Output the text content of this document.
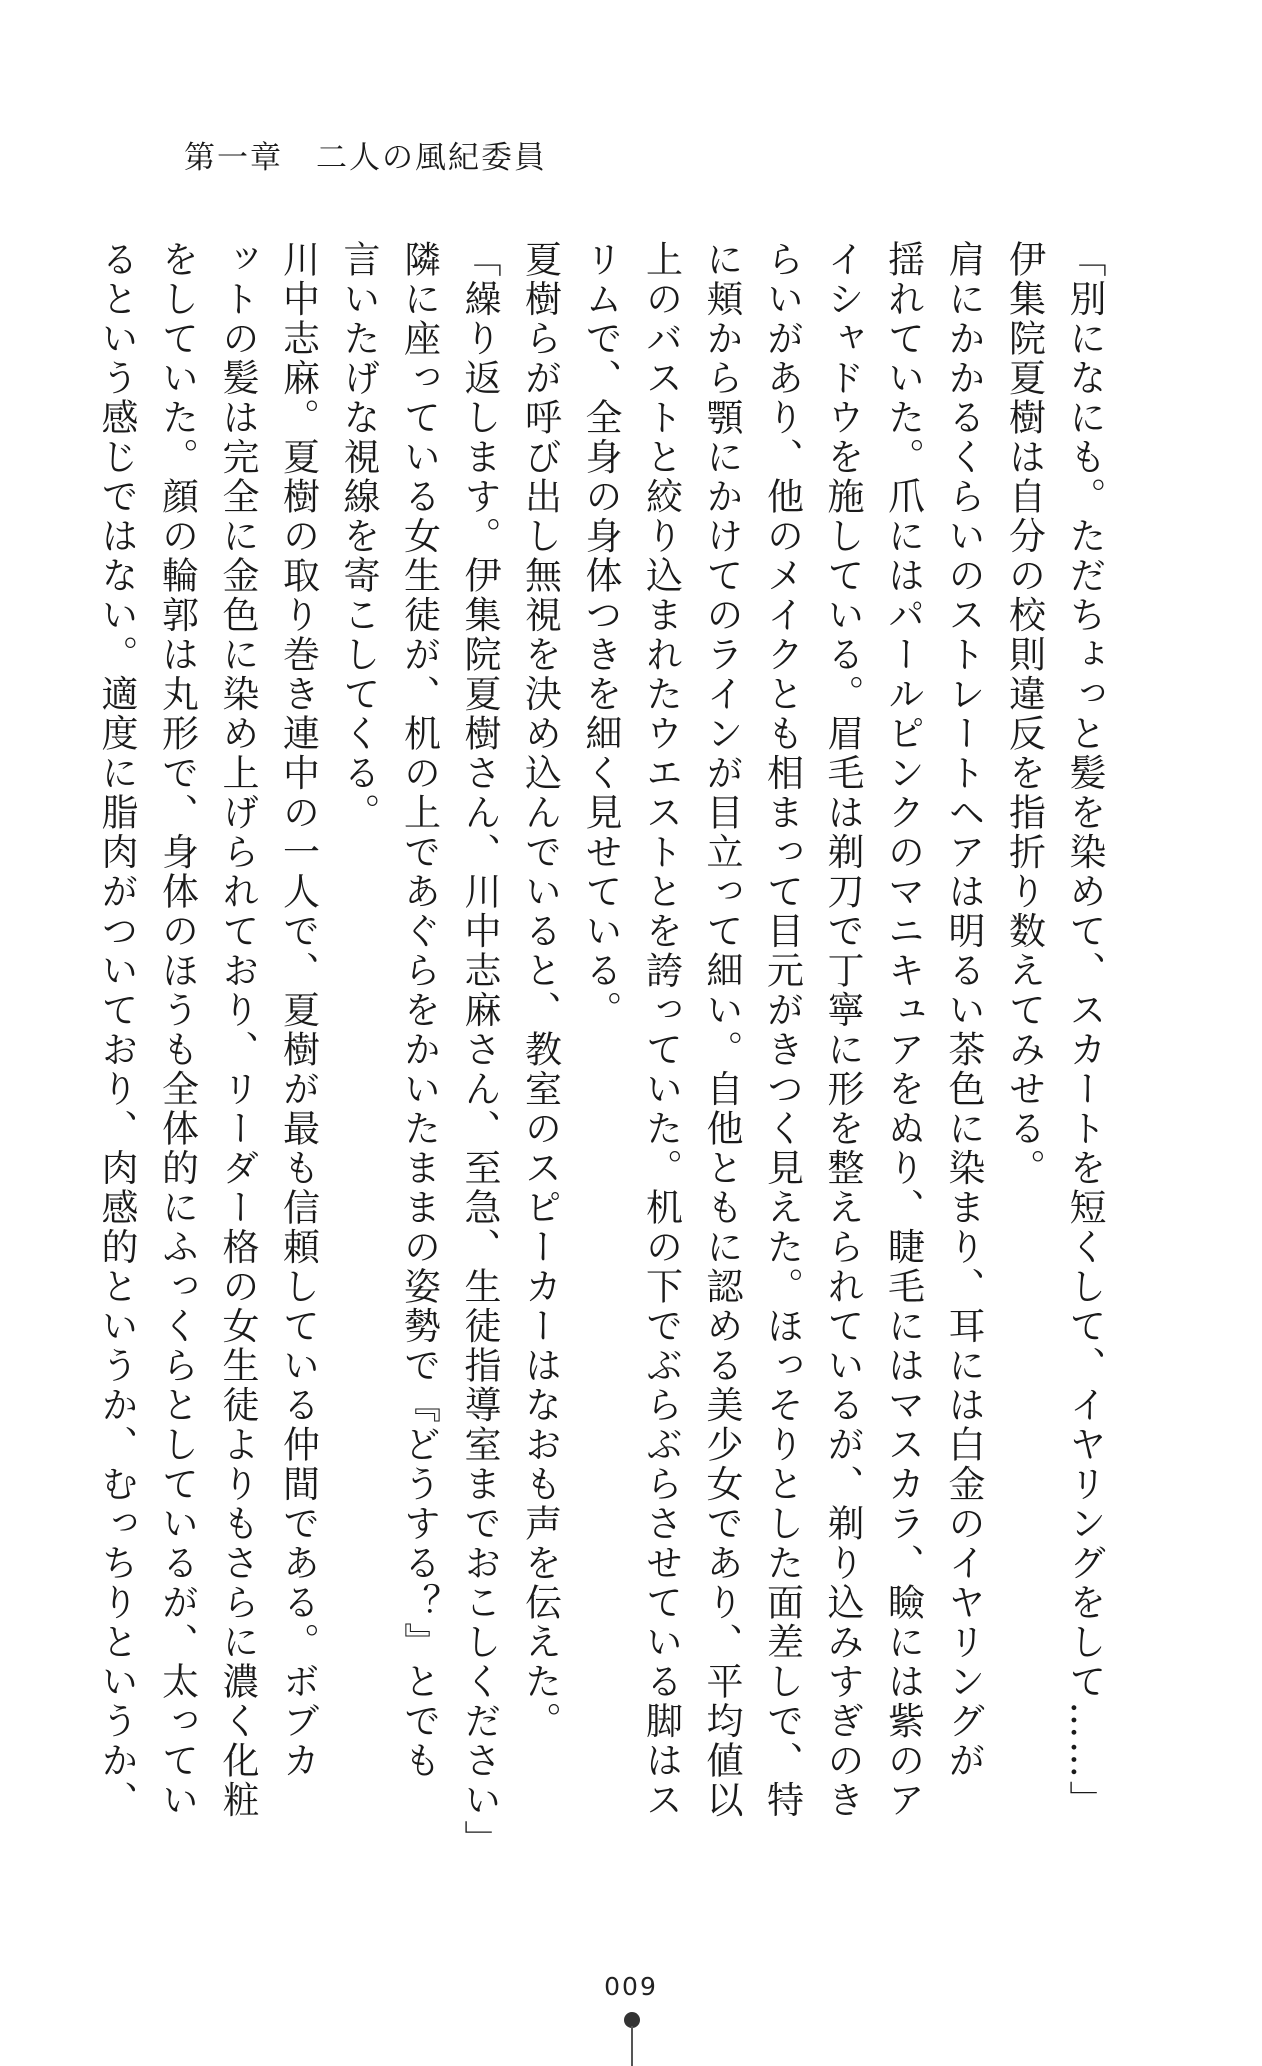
第一章　二人の風紀委員

「別になにも。ただちょっと髪を染めて、スカートを短くして、イヤリングをして……」

伊集院夏樹は自分の校則違反を指折り数えてみせる。

肩にかかるくらいのストレートヘアは明るい茶色に染まり、耳には白金のイヤリングが

揺れていた。爪にはパールピンクのマニキュアをぬり、睫毛にはマスカラ、瞼には紫のア

イシャドウを施している。眉毛は剃刀で丁寧に形を整えられているが、剃り込みすぎのき

らいがあり、他のメイクとも相まって目元がきつく見えた。ほっそりとした面差しで、特

に頬から顎にかけてのラインが目立って細い。自他ともに認める美少女であり、平均値以

上のバストと絞り込まれたウエストとを誇っていた。机の下でぶらぶらさせている脚はス

リムで、全身の身体つきを細く見せている。

夏樹らが呼び出し無視を決め込んでいると、教室のスピーカーはなおも声を伝えた。

「繰り返します。伊集院夏樹さん、川中志麻さん、至急、生徒指導室までおこしください」

隣に座っている女生徒が、机の上であぐらをかいたままの姿勢で『どうする？』とでも

言いたげな視線を寄こしてくる。

川中志麻。夏樹の取り巻き連中の一人で、夏樹が最も信頼している仲間である。ボブカ

ットの髪は完全に金色に染め上げられており、リーダー格の女生徒よりもさらに濃く化粧

をしていた。顔の輪郭は丸形で、身体のほうも全体的にふっくらとしているが、太ってい

るという感じではない。適度に脂肉がついており、肉感的というか、むっちりというか、

009
